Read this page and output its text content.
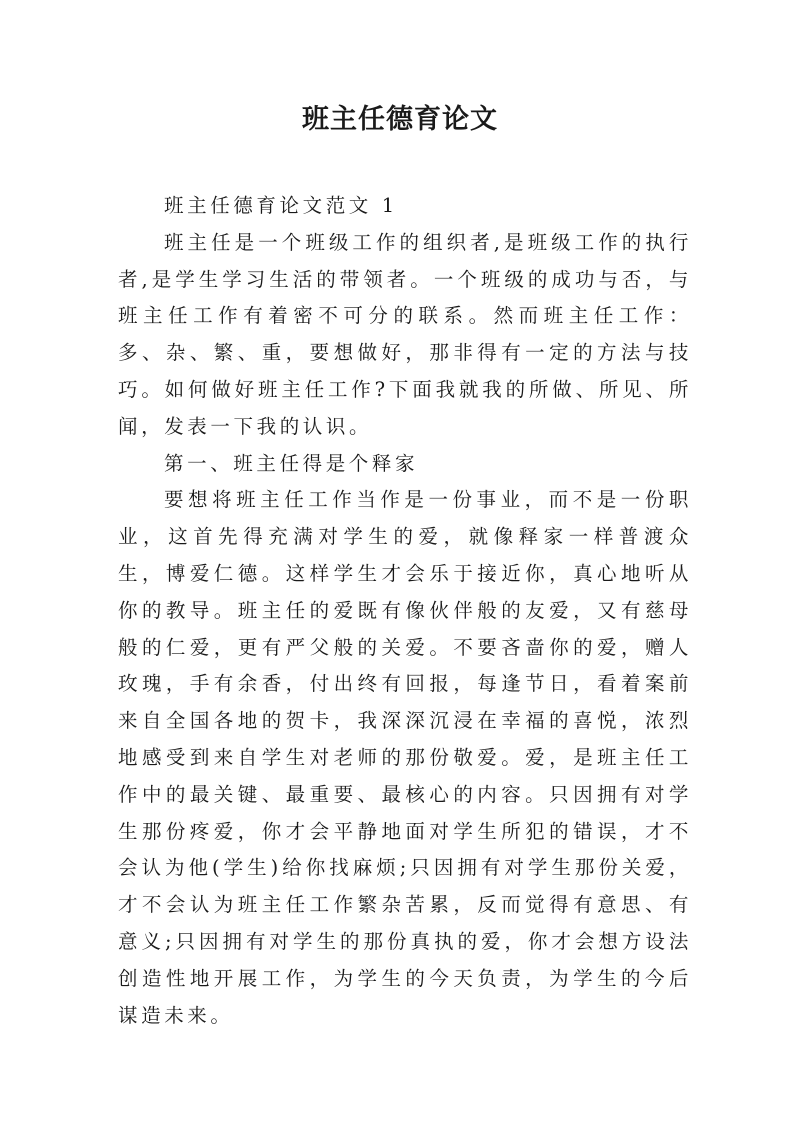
班主任德育论文

班主任德育论文范文 1

班主任是一个班级工作的组织者,是班级工作的执行者,是学生学习生活的带领者。一个班级的成功与否，与班主任工作有着密不可分的联系。然而班主任工作：多、杂、繁、重，要想做好，那非得有一定的方法与技巧。如何做好班主任工作?下面我就我的所做、所见、所闻，发表一下我的认识。

第一、班主任得是个释家

要想将班主任工作当作是一份事业，而不是一份职业，这首先得充满对学生的爱，就像释家一样普渡众生，博爱仁德。这样学生才会乐于接近你，真心地听从你的教导。班主任的爱既有像伙伴般的友爱，又有慈母般的仁爱，更有严父般的关爱。不要吝啬你的爱，赠人玫瑰，手有余香，付出终有回报，每逢节日，看着案前来自全国各地的贺卡，我深深沉浸在幸福的喜悦，浓烈地感受到来自学生对老师的那份敬爱。爱，是班主任工作中的最关键、最重要、最核心的内容。只因拥有对学生那份疼爱，你才会平静地面对学生所犯的错误，才不会认为他(学生)给你找麻烦;只因拥有对学生那份关爱，才不会认为班主任工作繁杂苦累，反而觉得有意思、有意义;只因拥有对学生的那份真执的爱，你才会想方设法创造性地开展工作，为学生的今天负责，为学生的今后谋造未来。
